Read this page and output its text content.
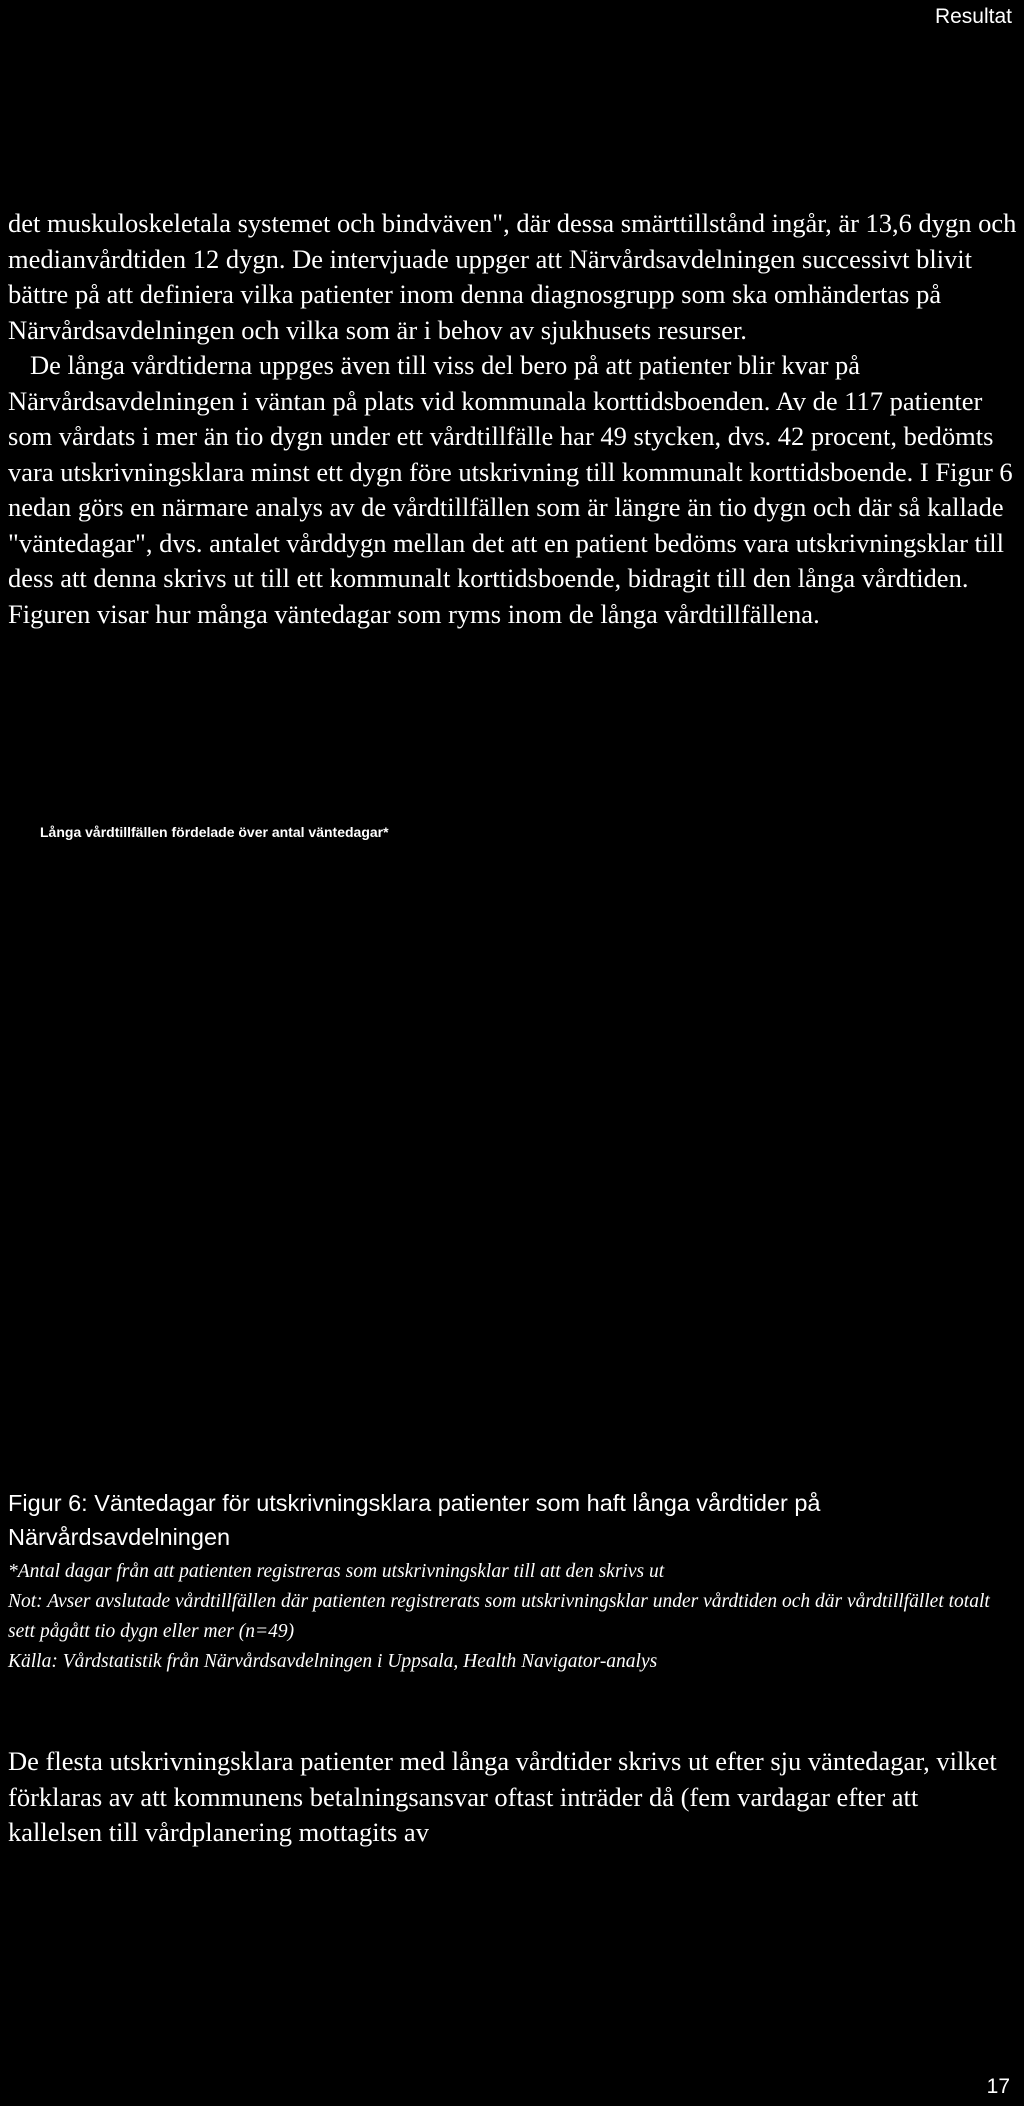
Resultat

det muskuloskeletala systemet och bindväven", där dessa smärttillstånd ingår, är 13,6 dygn och medianvårdtiden 12 dygn. De intervjuade uppger att Närvårdsavdelningen successivt blivit bättre på att definiera vilka patienter inom denna diagnosgrupp som ska omhändertas på Närvårdsavdelningen och vilka som är i behov av sjukhusets resurser.

De långa vårdtiderna uppges även till viss del bero på att patienter blir kvar på Närvårdsavdelningen i väntan på plats vid kommunala korttidsboenden. Av de 117 patienter som vårdats i mer än tio dygn under ett vårdtillfälle har 49 stycken, dvs. 42 procent, bedömts vara utskrivningsklara minst ett dygn före utskrivning till kommunalt korttidsboende. I Figur 6 nedan görs en närmare analys av de vårdtillfällen som är längre än tio dygn och där så kallade "väntedagar", dvs. antalet vårddygn mellan det att en patient bedöms vara utskrivningsklar till dess att denna skrivs ut till ett kommunalt korttidsboende, bidragit till den långa vårdtiden. Figuren visar hur många väntedagar som ryms inom de långa vårdtillfällena.

Långa vårdtillfällen fördelade över antal väntedagar*
Figur 6: Väntedagar för utskrivningsklara patienter som haft långa vårdtider på Närvårdsavdelningen
*Antal dagar från att patienten registreras som utskrivningsklar till att den skrivs ut
Not: Avser avslutade vårdtillfällen där patienten registrerats som utskrivningsklar under vårdtiden och där vårdtillfället totalt sett pågått tio dygn eller mer (n=49)
Källa: Vårdstatistik från Närvårdsavdelningen i Uppsala, Health Navigator-analys

De flesta utskrivningsklara patienter med långa vårdtider skrivs ut efter sju väntedagar, vilket förklaras av att kommunens betalningsansvar oftast inträder då (fem vardagar efter att kallelsen till vårdplanering mottagits av

17
